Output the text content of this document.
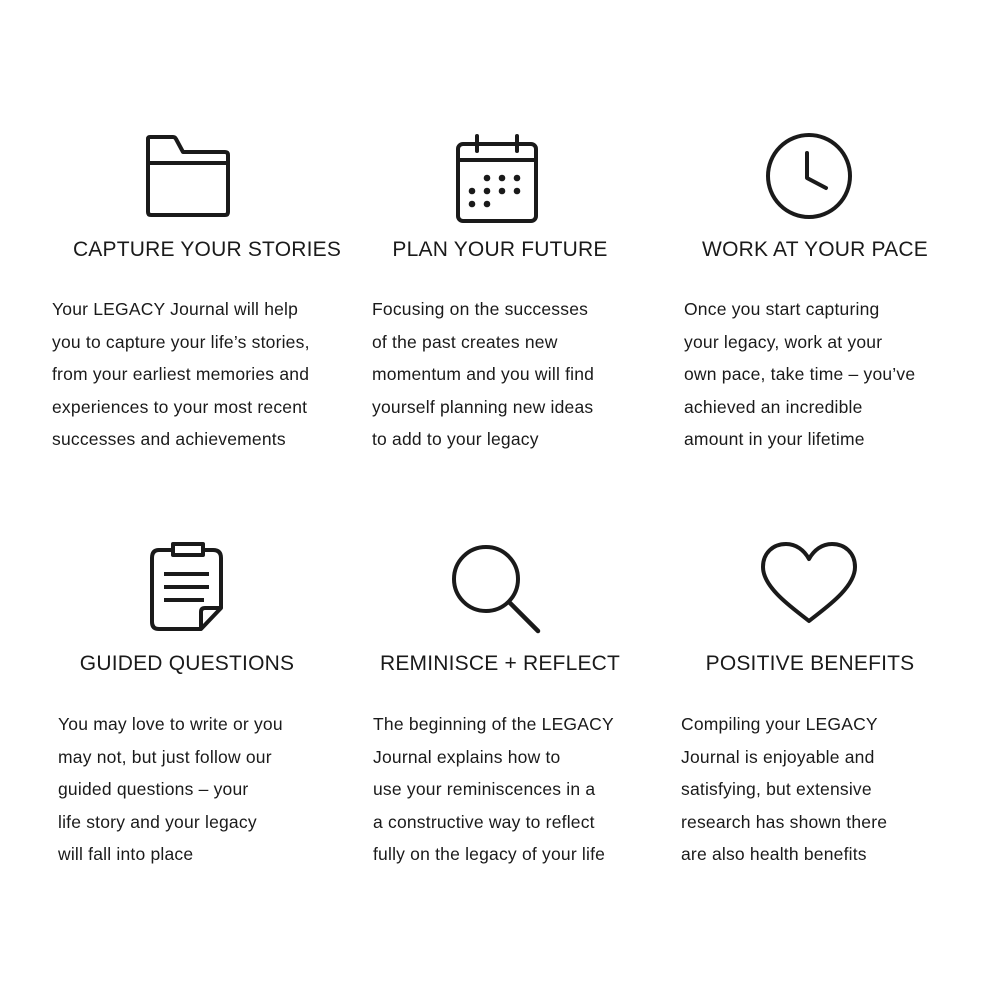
CAPTURE YOUR STORIES
Your LEGACY Journal will help
you to capture your life’s stories,
from your earliest memories and
experiences to your most recent
successes and achievements
PLAN YOUR FUTURE
Focusing on the successes
of the past creates new
momentum and you will find
yourself planning new ideas
to add to your legacy
WORK AT YOUR PACE
Once you start capturing
your legacy, work at your
own pace, take time – you’ve
achieved an incredible
amount in your lifetime
GUIDED QUESTIONS
You may love to write or you
may not, but just follow our
guided questions – your
life story and your legacy
will fall into place
REMINISCE + REFLECT
The beginning of the LEGACY
Journal explains how to
use your reminiscences in a
a constructive way to reflect
fully on the legacy of your life
POSITIVE BENEFITS
Compiling your LEGACY
Journal is enjoyable and
satisfying, but extensive
research has shown there
are also health benefits
